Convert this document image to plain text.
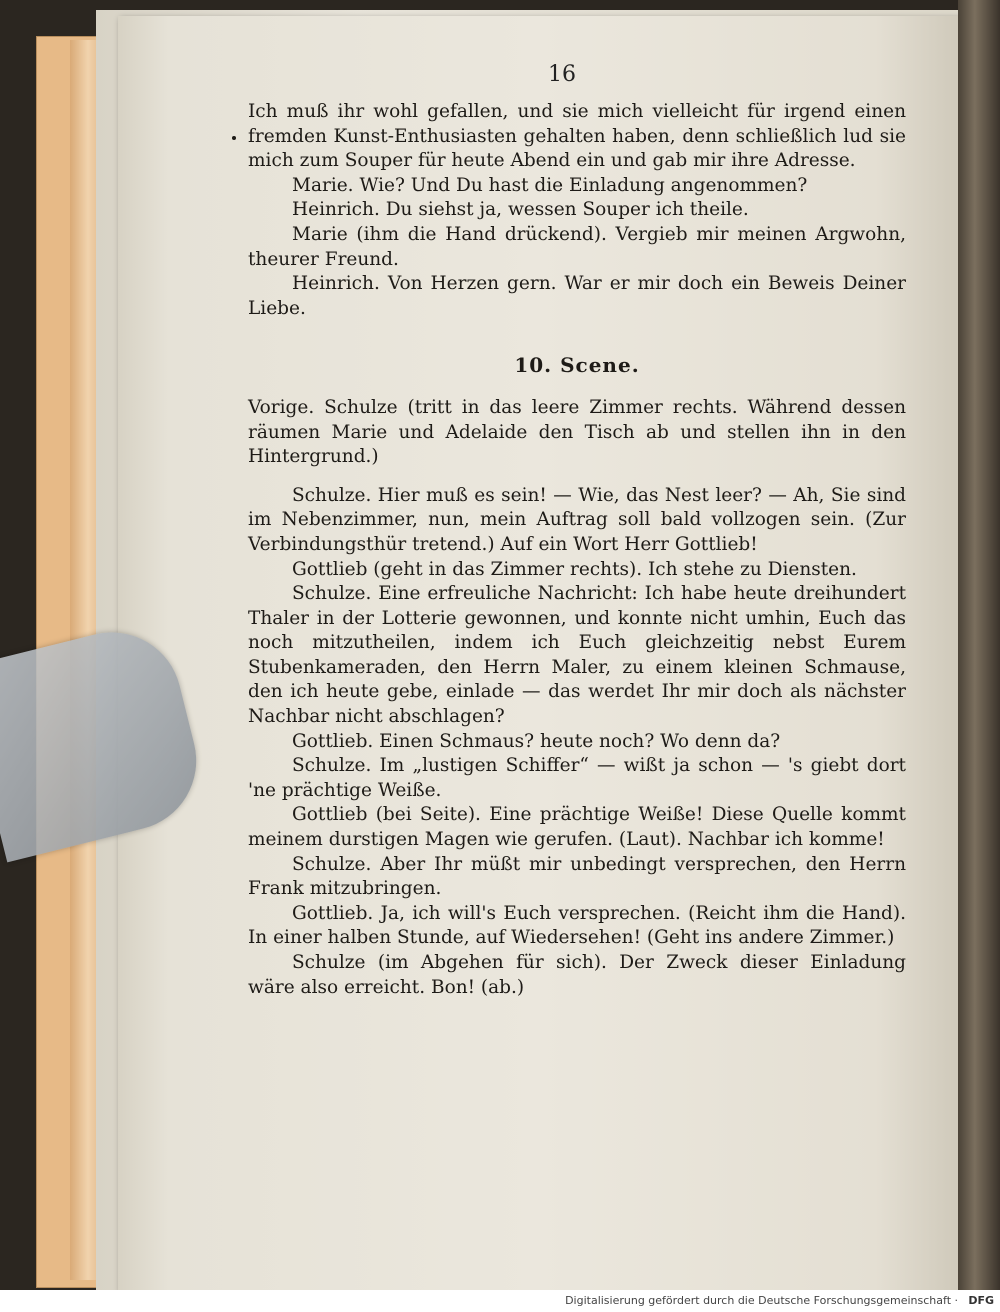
16

Ich muß ihr wohl gefallen, und sie mich vielleicht für irgend einen fremden Kunst-Enthusiasten gehalten haben, denn schließlich lud sie mich zum Souper für heute Abend ein und gab mir ihre Adresse.

Marie. Wie? Und Du hast die Einladung angenommen?

Heinrich. Du siehst ja, wessen Souper ich theile.

Marie (ihm die Hand drückend). Vergieb mir meinen Argwohn, theurer Freund.

Heinrich. Von Herzen gern. War er mir doch ein Beweis Deiner Liebe.

10. Scene.

Vorige. Schulze (tritt in das leere Zimmer rechts. Während dessen räumen Marie und Adelaide den Tisch ab und stellen ihn in den Hintergrund.)

Schulze. Hier muß es sein! — Wie, das Nest leer? — Ah, Sie sind im Nebenzimmer, nun, mein Auftrag soll bald vollzogen sein. (Zur Verbindungsthür tretend.) Auf ein Wort Herr Gottlieb!

Gottlieb (geht in das Zimmer rechts). Ich stehe zu Diensten.

Schulze. Eine erfreuliche Nachricht: Ich habe heute dreihundert Thaler in der Lotterie gewonnen, und konnte nicht umhin, Euch das noch mitzutheilen, indem ich Euch gleichzeitig nebst Eurem Stubenkameraden, den Herrn Maler, zu einem kleinen Schmause, den ich heute gebe, einlade — das werdet Ihr mir doch als nächster Nachbar nicht abschlagen?

Gottlieb. Einen Schmaus? heute noch? Wo denn da?

Schulze. Im „lustigen Schiffer“ — wißt ja schon — 's giebt dort 'ne prächtige Weiße.

Gottlieb (bei Seite). Eine prächtige Weiße! Diese Quelle kommt meinem durstigen Magen wie gerufen. (Laut). Nachbar ich komme!

Schulze. Aber Ihr müßt mir unbedingt versprechen, den Herrn Frank mitzubringen.

Gottlieb. Ja, ich will's Euch versprechen. (Reicht ihm die Hand). In einer halben Stunde, auf Wiedersehen! (Geht ins andere Zimmer.)

Schulze (im Abgehen für sich). Der Zweck dieser Einladung wäre also erreicht. Bon! (ab.)

Digitalisierung gefördert durch die Deutsche Forschungsgemeinschaft · DFG
